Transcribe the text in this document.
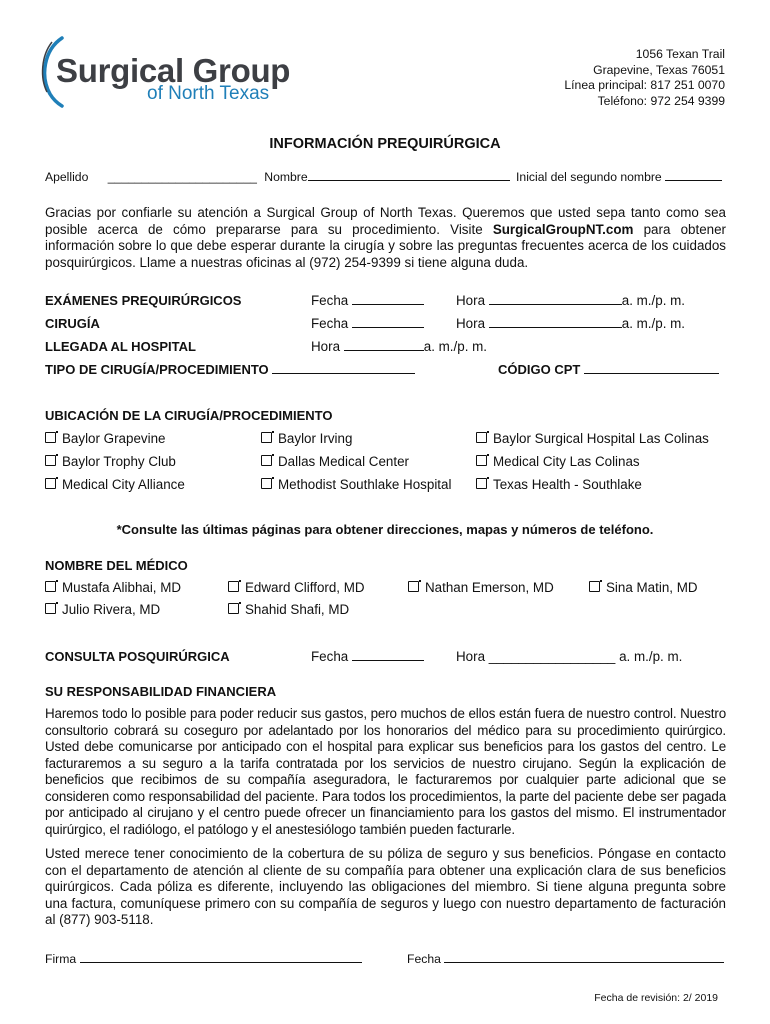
Surgical Group
of North Texas
1056 Texan Trail
Grapevine, Texas 76051
Línea principal: 817 251 0070
Teléfono: 972 254 9399
INFORMACIÓN PREQUIRÚRGICA
Apellido ______________________ Nombre	Inicial del segundo nombre
Gracias por confiarle su atención a Surgical Group of North Texas. Queremos que usted sepa tanto como sea posible acerca de cómo prepararse para su procedimiento. Visite SurgicalGroupNT.com para obtener información sobre lo que debe esperar durante la cirugía y sobre las preguntas frecuentes acerca de los cuidados posquirúrgicos. Llame a nuestras oficinas al (972) 254-9399 si tiene alguna duda.
EXÁMENES PREQUIRÚRGICOS	Fecha	Hora	a. m./p. m.
CIRUGÍA	Fecha	Hora	a. m./p. m.
LLEGADA AL HOSPITAL	Hora	a. m./p. m.
TIPO DE CIRUGÍA/PROCEDIMIENTO	CÓDIGO CPT
UBICACIÓN DE LA CIRUGÍA/PROCEDIMIENTO
Baylor Grapevine	Baylor Irving	Baylor Surgical Hospital Las Colinas
Baylor Trophy Club	Dallas Medical Center	Medical City Las Colinas
Medical City Alliance	Methodist Southlake Hospital	Texas Health - Southlake
*Consulte las últimas páginas para obtener direcciones, mapas y números de teléfono.
NOMBRE DEL MÉDICO
Mustafa Alibhai, MD	Edward Clifford, MD	Nathan Emerson, MD	Sina Matin, MD
Julio Rivera, MD	Shahid Shafi, MD
CONSULTA POSQUIRÚRGICA	Fecha	Hora _________________ a. m./p. m.
SU RESPONSABILIDAD FINANCIERA
Haremos todo lo posible para poder reducir sus gastos, pero muchos de ellos están fuera de nuestro control. Nuestro consultorio cobrará su coseguro por adelantado por los honorarios del médico para su procedimiento quirúrgico. Usted debe comunicarse por anticipado con el hospital para explicar sus beneficios para los gastos del centro. Le facturaremos a su seguro a la tarifa contratada por los servicios de nuestro cirujano. Según la explicación de beneficios que recibimos de su compañía aseguradora, le facturaremos por cualquier parte adicional que se consideren como responsabilidad del paciente. Para todos los procedimientos, la parte del paciente debe ser pagada por anticipado al cirujano y el centro puede ofrecer un financiamiento para los gastos del mismo. El instrumentador quirúrgico, el radiólogo, el patólogo y el anestesiólogo también pueden facturarle.
Usted merece tener conocimiento de la cobertura de su póliza de seguro y sus beneficios. Póngase en contacto con el departamento de atención al cliente de su compañía para obtener una explicación clara de sus beneficios quirúrgicos. Cada póliza es diferente, incluyendo las obligaciones del miembro. Si tiene alguna pregunta sobre una factura, comuníquese primero con su compañía de seguros y luego con nuestro departamento de facturación al (877) 903-5118.
Firma	Fecha
Fecha de revisión: 2/ 2019
